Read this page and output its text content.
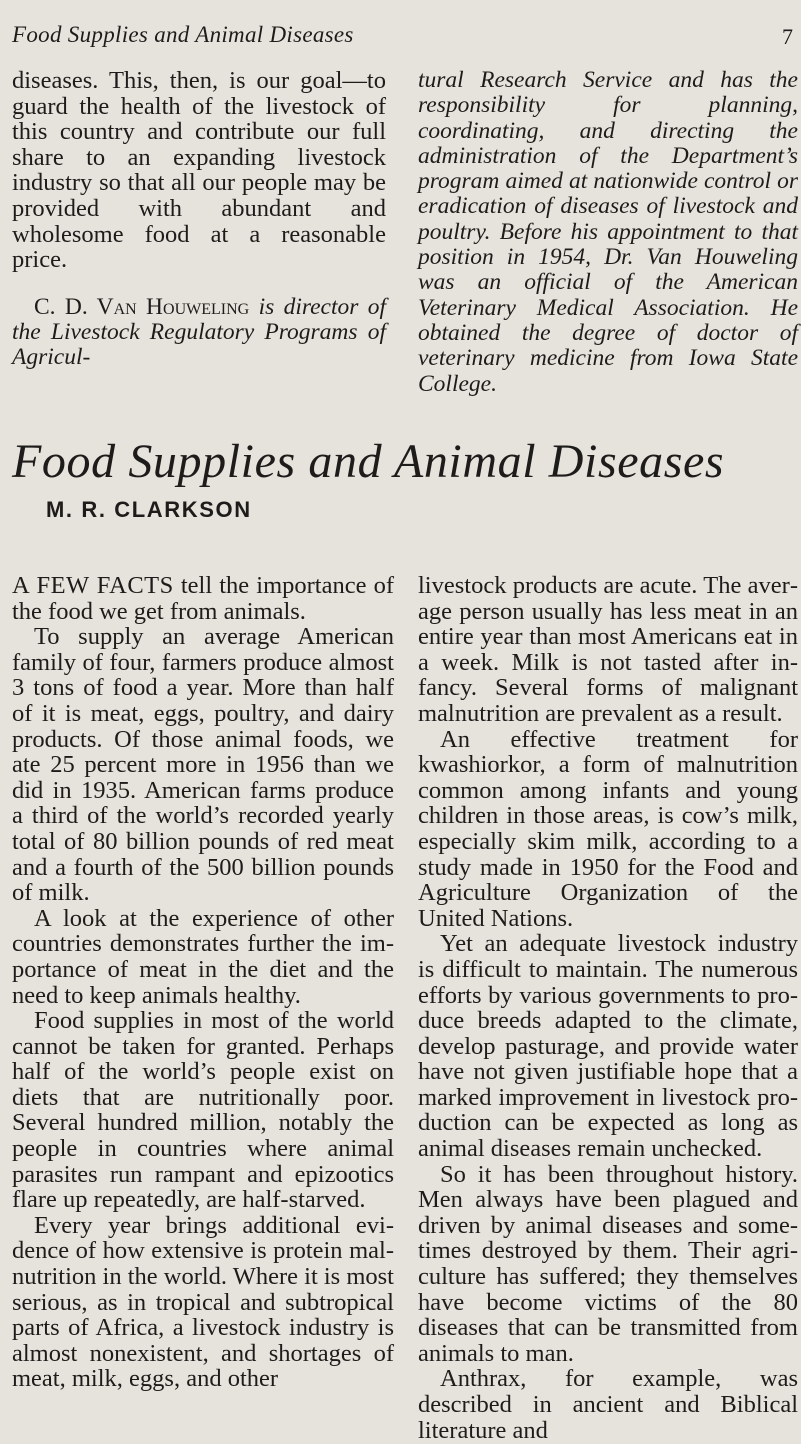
Food Supplies and Animal Diseases	7

diseases. This, then, is our goal—to guard the health of the livestock of this country and contribute our full share to an expanding livestock industry so that all our people may be provided with abundant and wholesome food at a reasonable price.

C. D. Van Houweling is director of the Livestock Regulatory Programs of Agricul-

tural Research Service and has the responsibility for planning, coordinating, and directing the administration of the Department’s program aimed at nationwide control or eradication of diseases of livestock and poultry. Before his appointment to that position in 1954, Dr. Van Houweling was an official of the American Veterinary Medical Association. He obtained the degree of doctor of veterinary medicine from Iowa State College.

Food Supplies and Animal Diseases
M. R. CLARKSON

A FEW FACTS tell the importance of the food we get from animals.

To supply an average American family of four, farmers produce almost 3 tons of food a year. More than half of it is meat, eggs, poultry, and dairy products. Of those animal foods, we ate 25 percent more in 1956 than we did in 1935. American farms produce a third of the world’s recorded yearly total of 80 billion pounds of red meat and a fourth of the 500 billion pounds of milk.

A look at the experience of other countries demonstrates further the importance of meat in the diet and the need to keep animals healthy.

Food supplies in most of the world cannot be taken for granted. Perhaps half of the world’s people exist on diets that are nutritionally poor. Several hundred million, notably the people in countries where animal parasites run rampant and epizootics flare up repeatedly, are half-starved.

Every year brings additional evidence of how extensive is protein malnutrition in the world. Where it is most serious, as in tropical and subtropical parts of Africa, a livestock industry is almost nonexistent, and shortages of meat, milk, eggs, and other

livestock products are acute. The average person usually has less meat in an entire year than most Americans eat in a week. Milk is not tasted after infancy. Several forms of malignant malnutrition are prevalent as a result.

An effective treatment for kwashiorkor, a form of malnutrition common among infants and young children in those areas, is cow’s milk, especially skim milk, according to a study made in 1950 for the Food and Agriculture Organization of the United Nations.

Yet an adequate livestock industry is difficult to maintain. The numerous efforts by various governments to produce breeds adapted to the climate, develop pasturage, and provide water have not given justifiable hope that a marked improvement in livestock production can be expected as long as animal diseases remain unchecked.

So it has been throughout history. Men always have been plagued and driven by animal diseases and sometimes destroyed by them. Their agriculture has suffered; they themselves have become victims of the 80 diseases that can be transmitted from animals to man.

Anthrax, for example, was described in ancient and Biblical literature and
